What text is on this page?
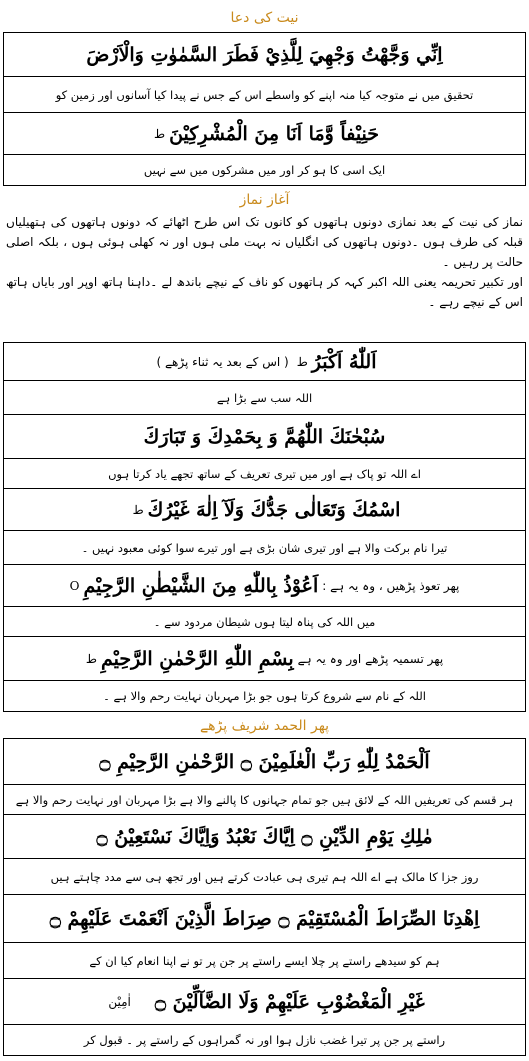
نیت کی دعا
اِنِّي وَجَّهْتُ وَجْهِيَ لِلَّذِيْ فَطَرَ السَّمٰوٰتِ وَالْاَرْضَ
تحقیق میں نے متوجہ کیا منہ اپنے کو واسطے اس کے جس نے پیدا کیا آسانوں اور زمین کو
حَنِيْفاً وَّمَا اَنَا مِنَ الْمُشْرِكِيْنَ
ط
ایک اسی کا ہو کر اور میں مشرکوں میں سے نہیں
آغاز نماز
نماز کی نیت کے بعد نمازی دونوں ہاتھوں کو کانوں تک اس طرح اٹھائے کہ دونوں ہاتھوں کی ہتھیلیاں قبلہ کی طرف ہوں ۔دونوں ہاتھوں کی انگلیاں نہ بہت ملی ہوں اور نہ کھلی ہوئی ہوں ، بلکہ اصلی حالت پر رہیں ۔
اور تکبیر تحریمہ یعنی اللہ اکبر کہہ کر ہاتھوں کو ناف کے نیچے باندھ لے ۔داہنا ہاتھ اوپر اور بایاں ہاتھ اس کے نیچے رہے ۔
اَللّٰهُ اَكْبَرُ
ط
( اس کے بعد یہ ثناء پڑھے )
اللہ سب سے بڑا ہے
سُبْحٰنَكَ اللّٰهُمَّ وَ بِحَمْدِكَ وَ تَبَارَكَ
اے اللہ تو پاک ہے اور میں تیری تعریف کے ساتھ تجھے یاد کرتا ہوں
اسْمُكَ وَتَعَالٰى جَدُّكَ وَلَآ اِلٰهَ غَيْرُكَ
ط
تیرا نام برکت والا ہے اور تیری شان بڑی ہے اور تیرے سوا کوئی معبود نہیں ۔
پھر تعوذ پڑھیں ، وہ یہ ہے :
اَعُوْذُ بِاللّٰهِ مِنَ الشَّيْطٰنِ الرَّجِيْمِ
O
میں اللہ کی پناہ لیتا ہوں شیطان مردود سے ۔
پھر تسمیہ پڑھے اور وہ یہ ہے
بِسْمِ اللّٰهِ الرَّحْمٰنِ الرَّحِيْمِ
ط
اللہ کے نام سے شروع کرتا ہوں جو بڑا مہربان نہایت رحم والا ہے ۔
پھر الحمد شریف پڑھے
اَلْحَمْدُ لِلّٰهِ رَبِّ الْعٰلَمِيْنَ ۝ الرَّحْمٰنِ الرَّحِيْمِ ۝
ہر قسم کی تعریفیں اللہ کے لائق ہیں جو تمام جہانوں کا پالنے والا ہے بڑا مہربان اور نہایت رحم والا ہے
مٰلِكِ يَوْمِ الدِّيْنِ ۝ اِيَّاكَ نَعْبُدُ وَاِيَّاكَ نَسْتَعِيْنُ ۝
روز جزا کا مالک ہے اے اللہ ہم تیری ہی عبادت کرتے ہیں اور تجھ ہی سے مدد چاہتے ہیں
اِهْدِنَا الصِّرَاطَ الْمُسْتَقِيْمَ ۝ صِرَاطَ الَّذِيْنَ اَنْعَمْتَ عَلَيْهِمْ ۝
ہم کو سیدھے راستے پر چلا ایسے راستے پر جن پر تو نے اپنا انعام کیا ان کے
غَيْرِ الْمَغْضُوْبِ عَلَيْهِمْ وَلَا الضَّآلِّيْنَ ۝
اٰمِيْن
راستے پر جن پر تیرا غضب نازل ہوا اور نہ گمراہوں کے راستے پر ۔ قبول کر
